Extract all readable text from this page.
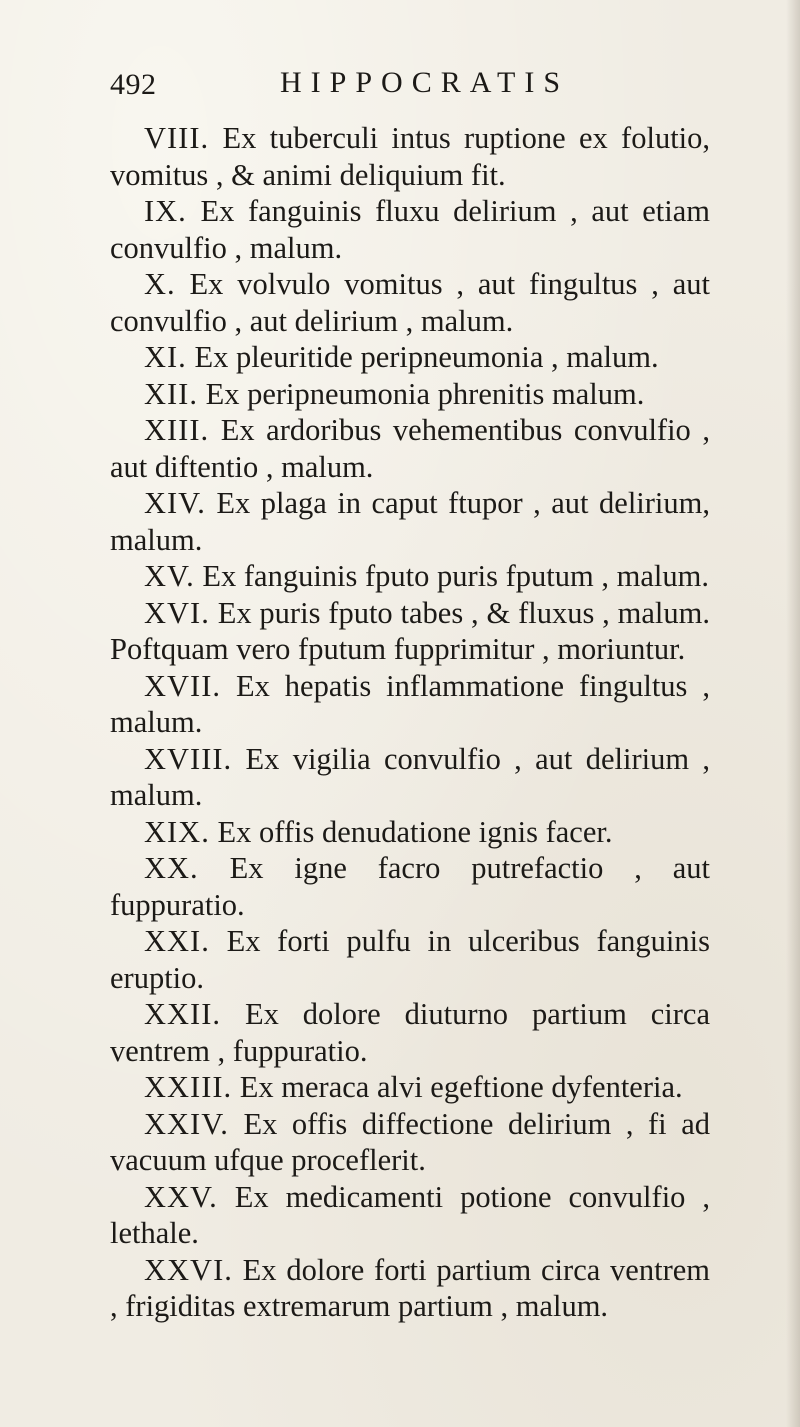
492	HIPPOCRATIS

VIII. Ex tuberculi intus ruptione ex folutio, vomitus , & animi deliquium fit.

IX. Ex fanguinis fluxu delirium , aut etiam convulfio , malum.

X. Ex volvulo vomitus , aut fingultus , aut convulfio , aut delirium , malum.

XI. Ex pleuritide peripneumonia , malum.

XII. Ex peripneumonia phrenitis malum.

XIII. Ex ardoribus vehementibus convulfio , aut diftentio , malum.

XIV. Ex plaga in caput ftupor , aut delirium, malum.

XV. Ex fanguinis fputo puris fputum , malum.

XVI. Ex puris fputo tabes , & fluxus , malum. Poftquam vero fputum fupprimitur , moriuntur.

XVII. Ex hepatis inflammatione fingultus , malum.

XVIII. Ex vigilia convulfio , aut delirium , malum.

XIX. Ex offis denudatione ignis facer.

XX. Ex igne facro putrefactio , aut fuppuratio.

XXI. Ex forti pulfu in ulceribus fanguinis eruptio.

XXII. Ex dolore diuturno partium circa ventrem , fuppuratio.

XXIII. Ex meraca alvi egeftione dyfenteria.

XXIV. Ex offis diffectione delirium , fi ad vacuum ufque proceflerit.

XXV. Ex medicamenti potione convulfio , lethale.

XXVI. Ex dolore forti partium circa ventrem , frigiditas extremarum partium , malum.
